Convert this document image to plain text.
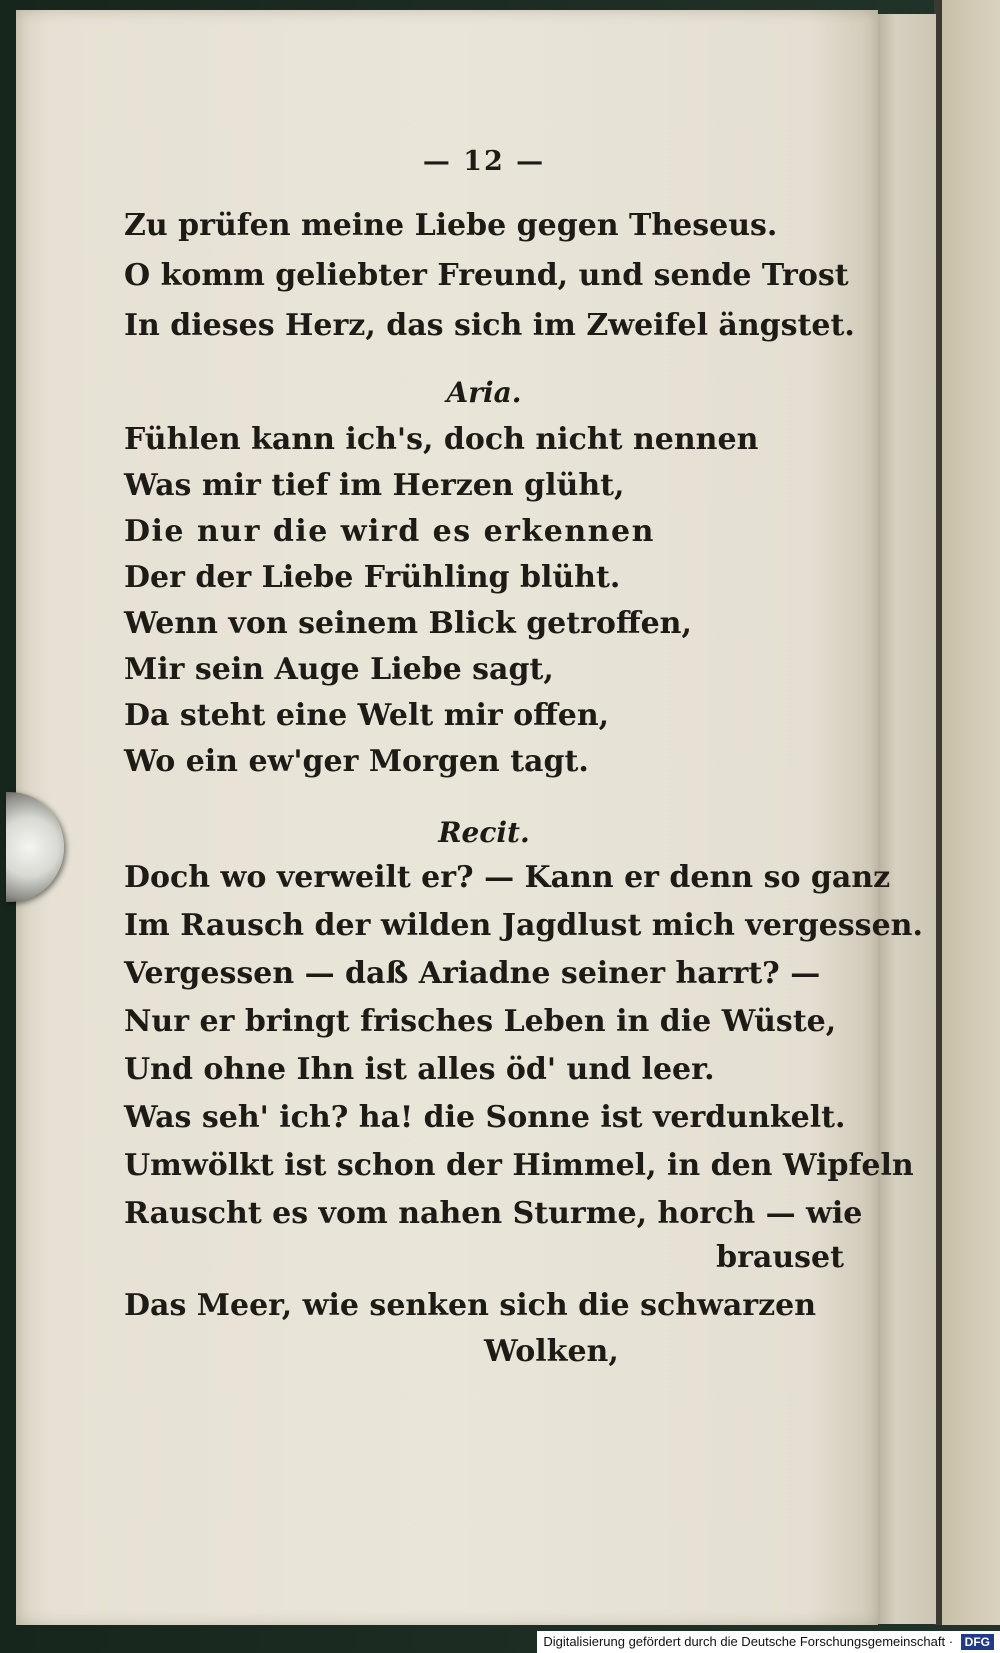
— 12 —
Zu prüfen meine Liebe gegen Theseus.
O komm geliebter Freund, und sende Trost
In dieses Herz, das sich im Zweifel ängstet.
Aria.
Fühlen kann ich's, doch nicht nennen
Was mir tief im Herzen glüht,
Die nur die wird es erkennen
Der der Liebe Frühling blüht.
Wenn von seinem Blick getroffen,
Mir sein Auge Liebe sagt,
Da steht eine Welt mir offen,
Wo ein ew'ger Morgen tagt.
Recit.
Doch wo verweilt er? — Kann er denn so ganz
Im Rausch der wilden Jagdlust mich vergessen.
Vergessen — daß Ariadne seiner harrt? —
Nur er bringt frisches Leben in die Wüste,
Und ohne Ihn ist alles öd' und leer.
Was seh' ich? ha! die Sonne ist verdunkelt.
Umwölkt ist schon der Himmel, in den Wipfeln
Rauscht es vom nahen Sturme, horch — wie
brauset
Das Meer, wie senken sich die schwarzen
Wolken,
Digitalisierung gefördert durch die Deutsche Forschungsgemeinschaft · DFG
